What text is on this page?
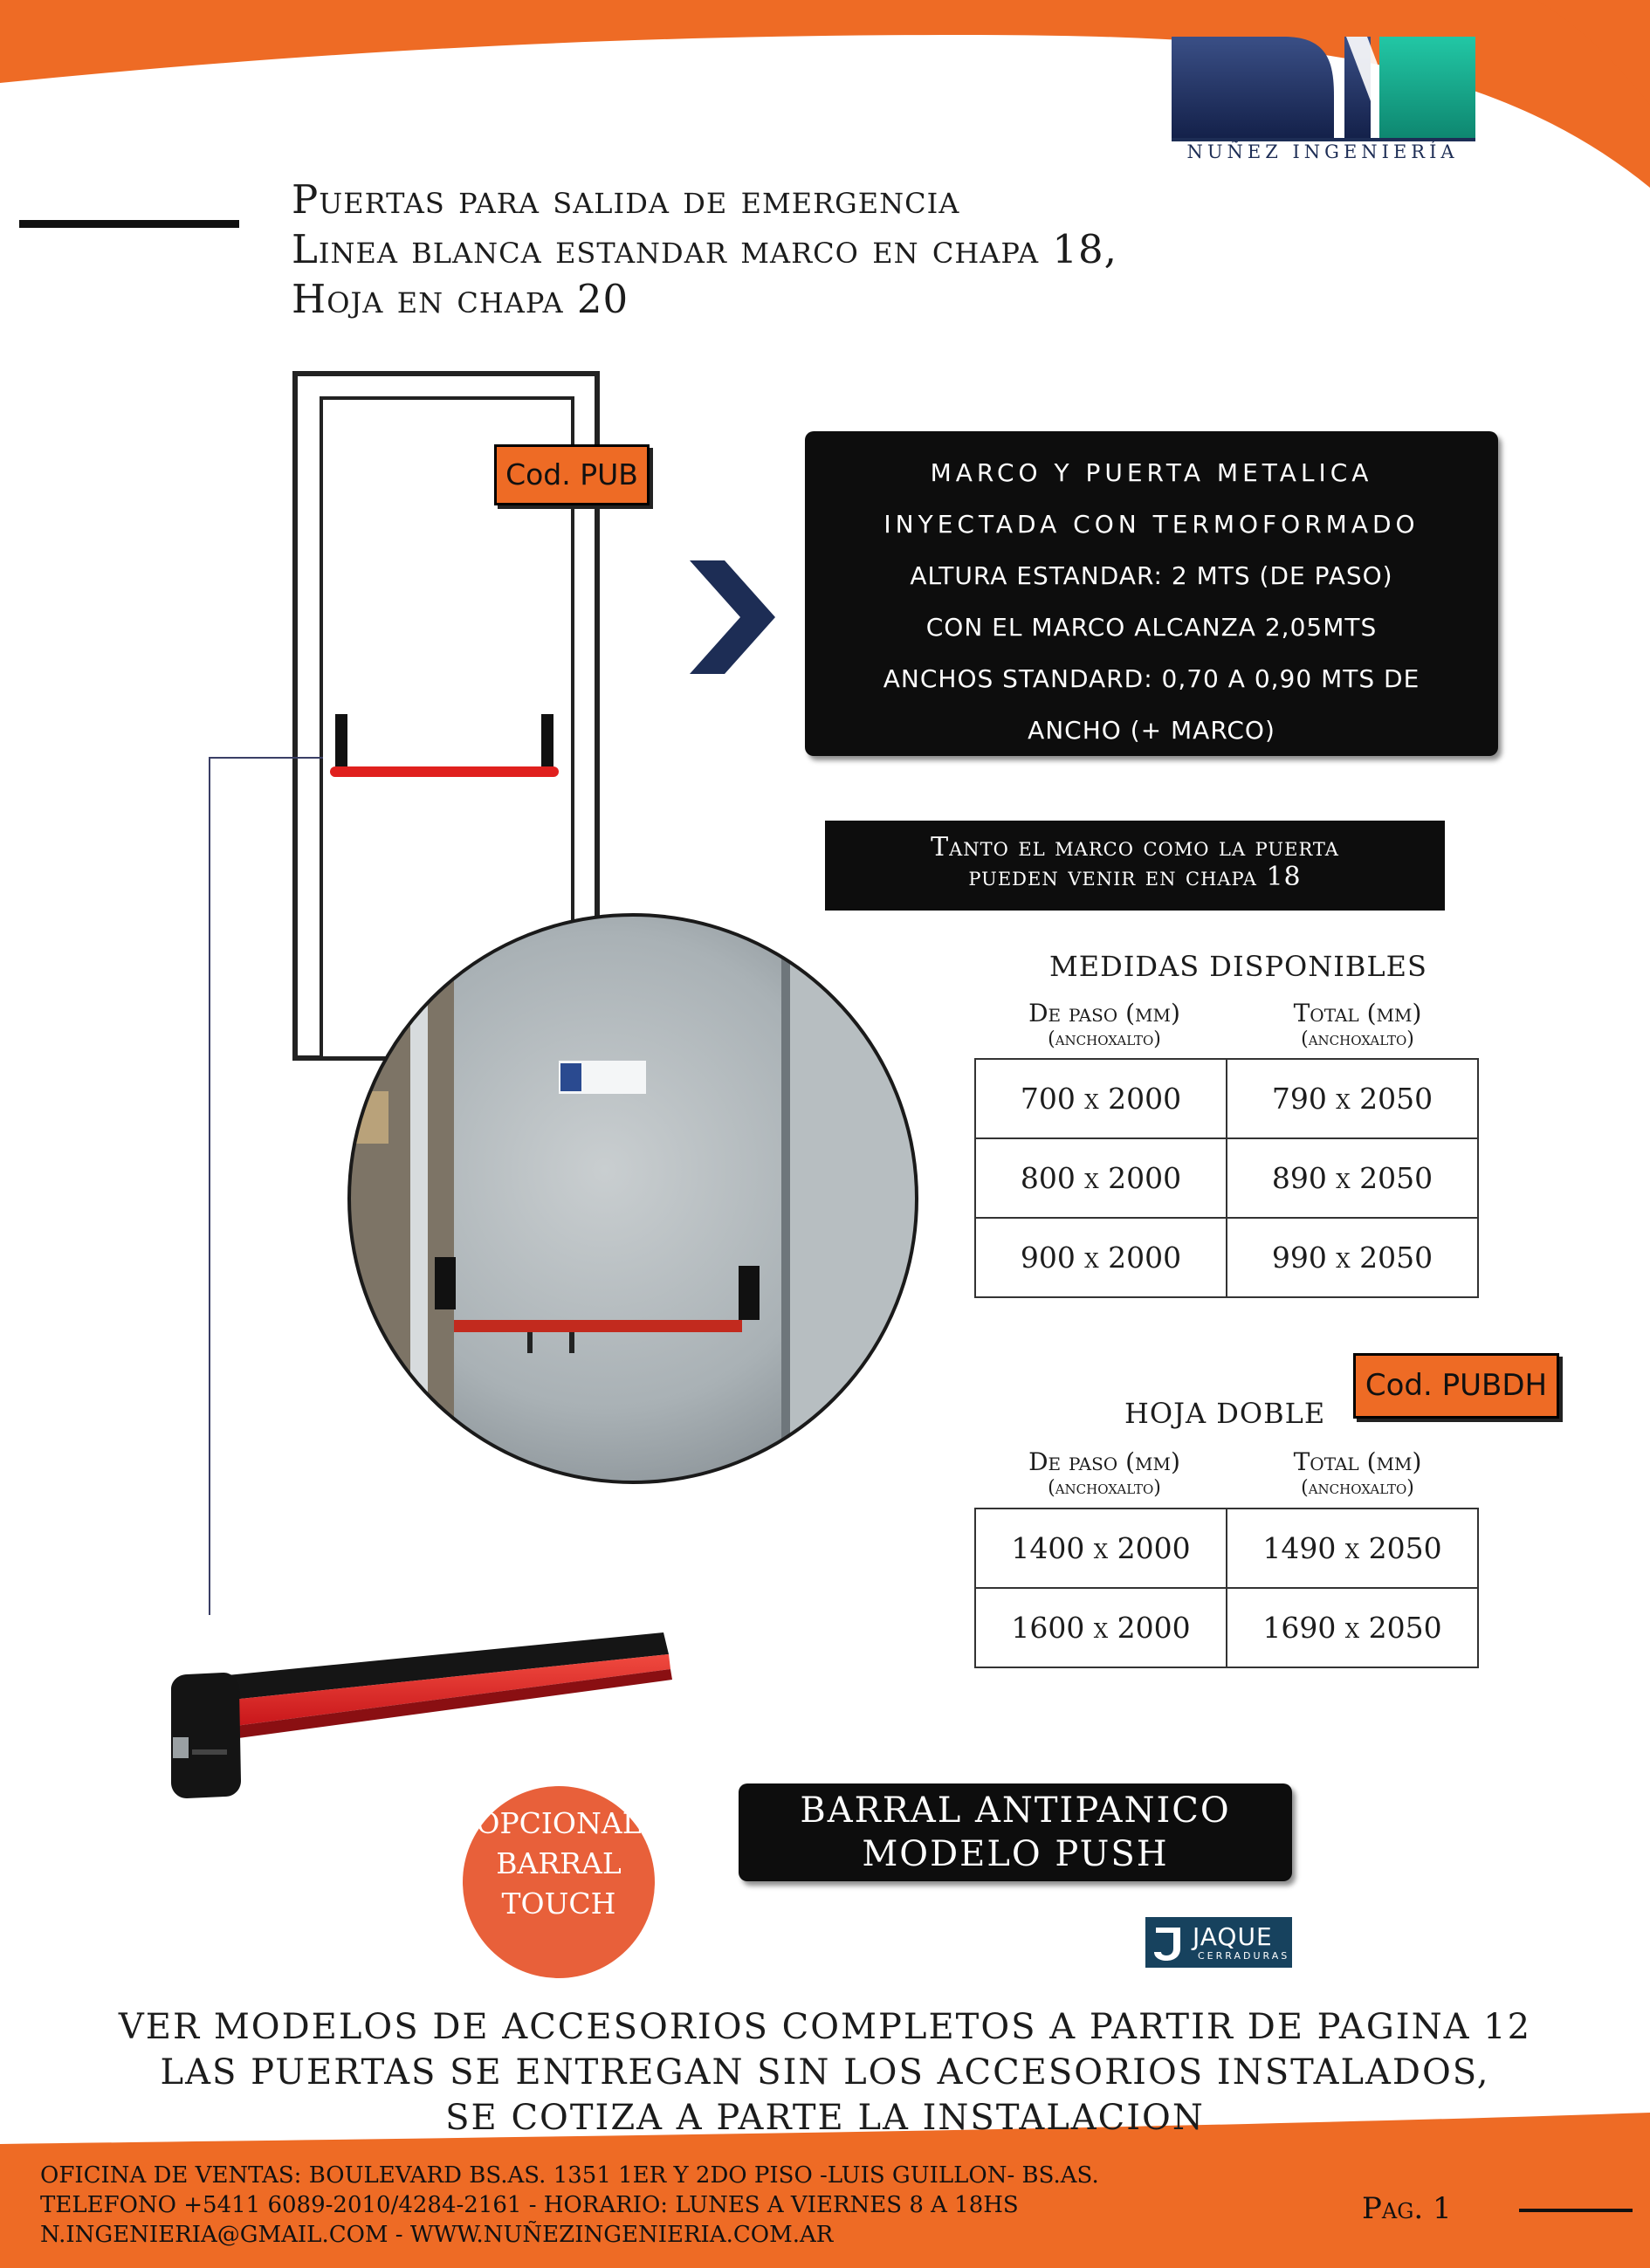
NUÑEZ INGENIERÍA
Puertas para salida de emergencia
Linea blanca estandar marco en chapa 18,
Hoja en chapa 20
Cod. PUB	MARCO Y PUERTA METALICA
INYECTADA CON TERMOFORMADO
ALTURA ESTANDAR: 2 MTS (DE PASO)
CON EL MARCO ALCANZA 2,05MTS
ANCHOS STANDARD: 0,70 A 0,90 MTS DE
ANCHO (+ MARCO)
Tanto el marco como la puerta
pueden venir en chapa 18
MEDIDAS DISPONIBLES
De paso (mm)
(anchoxalto)
Total (mm)
(anchoxalto)
700 x 2000	790 x 2050
800 x 2000	890 x 2050
900 x 2000	990 x 2050
Cod. PUBDH
HOJA DOBLE
De paso (mm)
(anchoxalto)
Total (mm)
(anchoxalto)
1400 x 2000	1490 x 2050
1600 x 2000	1690 x 2050
OPCIONAL
BARRAL
TOUCH
BARRAL ANTIPANICO
MODELO PUSH
JAQUE
CERRADURAS
VER MODELOS DE ACCESORIOS COMPLETOS A PARTIR DE PAGINA 12
LAS PUERTAS SE ENTREGAN SIN LOS ACCESORIOS INSTALADOS,
SE COTIZA A PARTE LA INSTALACION
OFICINA DE VENTAS: BOULEVARD BS.AS. 1351 1ER Y 2DO PISO -LUIS GUILLON- BS.AS.
TELEFONO +5411 6089-2010/4284-2161 - HORARIO: LUNES A VIERNES 8 A 18HS
N.INGENIERIA@GMAIL.COM - WWW.NUÑEZINGENIERIA.COM.AR
Pag. 1
